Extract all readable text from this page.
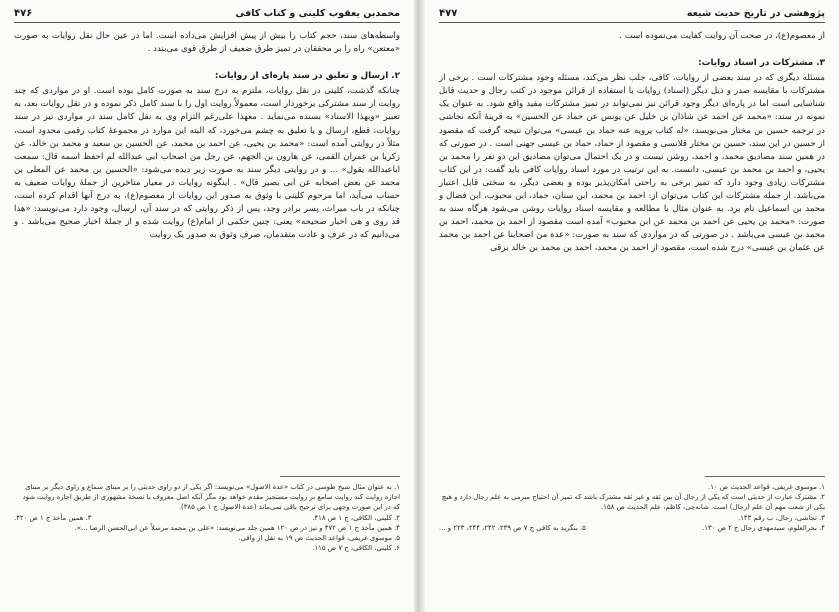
محمدبن یعقوب کلینی و کتاب کافی
۴۷۶

واسطه‌های سند، حجم کتاب را بیش از پیش افزایش می‌داده است. اما در عین حال نقل روایات به صورت «معتعن» راه را بر محققان در تمیز طرق ضعیف از طرق قوی می‌بندد .

۲. ارسال و تعلیق در سند پاره‌ای از روایات:

چنانکه گذشت، کلینی در نقل روایات، ملتزم به درج سند به صورت کامل بوده است. او در مواردی که چند روایت از سند مشترکی برخوردار است، معمولاً روایت اول را با سند کامل ذکر نموده و در نقل روایات بعد، به تعبیر «وبهذا الاسناد» بسنده می‌نماید . معهذا علی‌رغم التزام وی به نقل کامل سند در مواردی نیز در سند روایات، قطع، ارسال و یا تعلیق به چشم می‌خورد، که البته این موارد در مجموعهٔ کتاب رقمی محدود است، مثلاً در روایتی آمده است: «محمد بن یحیی، عن احمد بن محمد، عن الحسین بن سعید و محمد بن خالد، عن زکریا بن عمران القمی، عن هارون بن الجهم، عن رجل من اصحاب ابی عبدالله لم احفظ اسمه قال: سمعت اباعبدالله یقول» ... و در روایتی دیگر سند به صورت زیر دیده می‌شود: «الحسین بن محمد عن المعلی بن محمد عن بعض اصحابه عن ابی بصیر قال» . اینگونه روایات در معیار متاخرین از جملهٔ روایات ضعیف به حساب می‌آید، اما مرحوم کلینی با وثوق به صدور این روایات از معصوم(ع)، به درج آنها اقدام کرده است، چنانکه در باب میراث، پسر برادر وجد، پس از ذکر روایتی که در سند آن، ارسال، وجود دارد می‌نویسد: «هذا قد روی و هی اخبار صحیحه» یعنی: چنین حکمی از امام(ع) روایت شده و از جملهٔ اخبار صحیح می‌باشد . و می‌دانیم که در عرف و عادت متقدمان، صرف وثوق به صدور یک روایت

۱. به عنوان مثال شیخ طوسی در کتاب «عدة الاصول» می‌نویسد: اگر یکی از دو راوی حدیثی را بر مبنای سماع و راوی دیگر بر مبنای اجازه روایت کند روایت سامع بر روایت مستجیز مقدم خواهد بود مگر آنکه اصل معروف یا نسخهٔ مشهوری از طریق اجازه روایت شود که در این صورت وجهی برای ترجیح باقی نمی‌ماند (عدة الاصول ج ۱ ص ۳۸۵).
۲. کلینی، الکافی، ج ۱ ص ۴۱۸.
۳. همین مأخذ ج ۱ ص ۴۲۰.
۴. همین مأخذ ج ۱ ص ۴۷۲ و نیز در ص ۱۲۰ همین جلد می‌نویسد: «علی بن محمد مرسلاً عن ابی‌الحسن الرضا ...».
۵. موسوی غریفی، قواعد الحدیث ص ۱۹ به نقل از وافی.
۶. کلینی، الکافی، ج ۷ ص ۱۱۵.
پژوهشی در تاریخ حدیث شیعه
۴۷۷

از معصوم(ع)، در صحت آن روایت کفایت می‌نموده است .

۳. مشترکات در اسناد روایات:

مسئله دیگری که در سند بعضی از روایات، کافی، جلب نظر می‌کند، مسئله وجود مشترکات است . برخی از مشترکات با مقایسه صدر و ذیل دیگر (اسناد) روایات یا استفاده از قرائن موجود در کتب رجال و حدیث قابل شناسایی است اما در پاره‌ای دیگر وجود قرائن نیز نمی‌تواند در تمیز مشترکات مفید واقع شود. به عنوان یک نمونه در سند: «محمد عن احمد عن شاذان بن خلیل عن یونس عن حماد عن الحسین» به قرینهٔ آنکه نجاشی در ترجمه حسین بن مختار می‌نویسد: «له کتاب یرویه عنه حماد بن عیسی» می‌توان نتیجه گرفت که مقصود از حسین در این سند، حسین بن مختار قلانسی و مقصود از حماد، حماد بن عیسی جهنی است . در صورتی که در همین سند مصادیق محمد، و احمد، روشن نیست و در یک احتمال می‌توان مصادیق این دو نفر را محمد بن یحیی، و احمد بن محمد بن عیسی، دانست. به این ترتیب در مورد اسناد روایات کافی باید گفت: در این کتاب مشترکات زیادی وجود دارد که تمیز برخی به راحتی امکان‌پذیر بوده و بعضی دیگر، به سختی قابل اعتبار می‌باشد. از جمله مشترکات این کتاب می‌توان از: احمد بن محمد، ابن سنان، حماد، ابن محبوب، ابن فضال و محمد بن اسماعیل نام برد. به عنوان مثال با مطالعه و مقایسه اسناد روایات روشن می‌شود هرگاه سند به صورت: «محمد بن یحیی عن احمد بن محمد عن ابن محبوب» آمده است مقصود از احمد بن محمد، احمد بن محمد بن عیسی می‌باشد . در صورتی که در مواردی که سند به صورت: «عدة من اصحابنا عن احمد بن محمد عن عثمان بن عیسی» درج شده است، مقصود از احمد بن محمد، احمد بن محمد بن خالد برقی

۱. موسوی غریفی، قواعد الحدیث ص ۱۰.
۲. مشترک عبارت از حدیثی است که یکی از رجال آن بین ثقه و غیر ثقه مشترک باشد که تمیز آن احتیاج مبرمی به علم رجال دارد و هیچ یکی از شعب مهم آن علم (رجال) است. شانه‌چی، کاظم، علم الحدیث ص ۱۵۸.
۳. نجاشی، رجال، ب رقم ۱۴۳.
۴. بحرالعلوم، سیدمهدی رجال ج ۲ ص ۱۳۰.
۵. بنگرید به کافی ج ۷ ص ۲۳۹، ۲۴۲، ۲۴۴، ۲۲۳ و ...
